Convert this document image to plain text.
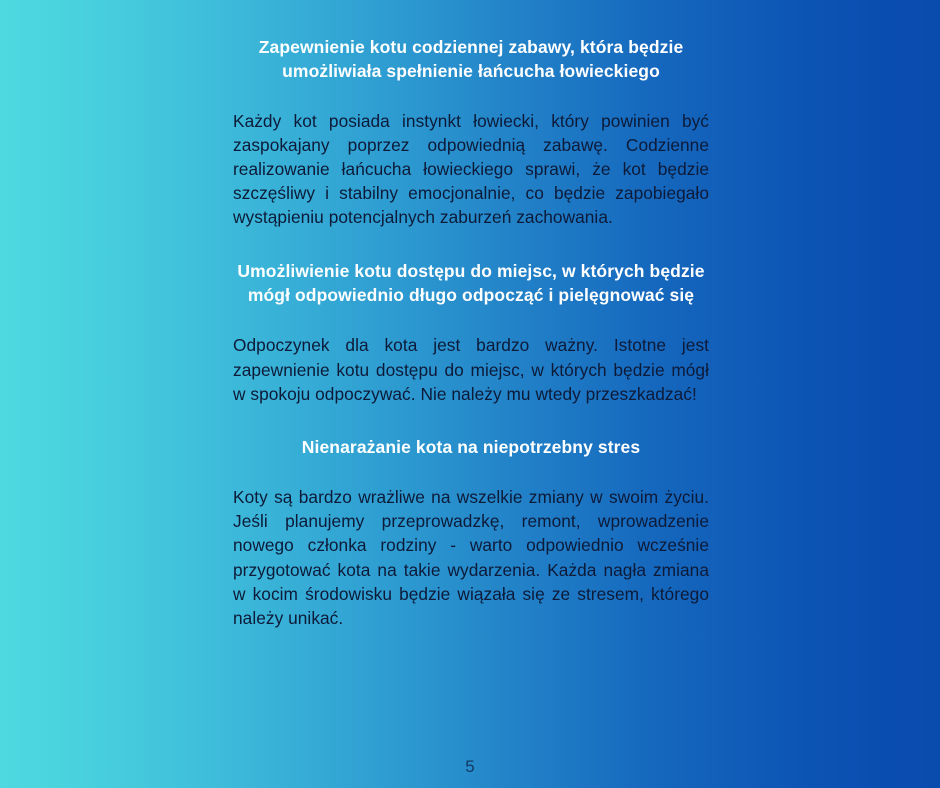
Zapewnienie kotu codziennej zabawy, która będzie umożliwiała spełnienie łańcucha łowieckiego

Każdy kot posiada instynkt łowiecki, który powinien być zaspokajany poprzez odpowiednią zabawę. Codzienne realizowanie łańcucha łowieckiego sprawi, że kot będzie szczęśliwy i stabilny emocjonalnie, co będzie zapobiegało wystąpieniu potencjalnych zaburzeń zachowania.

Umożliwienie kotu dostępu do miejsc, w których będzie mógł odpowiednio długo odpocząć i pielęgnować się

Odpoczynek dla kota jest bardzo ważny. Istotne jest zapewnienie kotu dostępu do miejsc, w których będzie mógł w spokoju odpoczywać. Nie należy mu wtedy przeszkadzać!

Nienarażanie kota na niepotrzebny stres

Koty są bardzo wrażliwe na wszelkie zmiany w swoim życiu. Jeśli planujemy przeprowadzkę, remont, wprowadzenie nowego członka rodziny - warto odpowiednio wcześnie przygotować kota na takie wydarzenia. Każda nagła zmiana w kocim środowisku będzie wiązała się ze stresem, którego należy unikać.

5
